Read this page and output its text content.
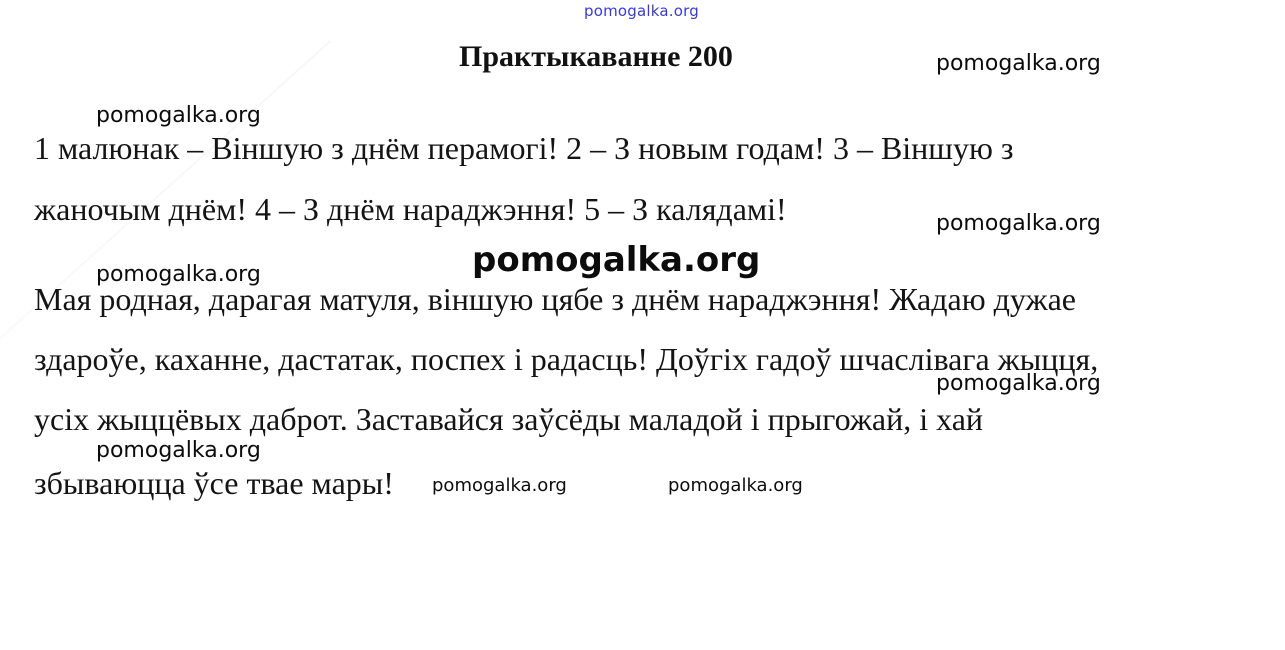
pomogalka.org
Практыкаванне 200
1 малюнак – Віншую з днём перамогі! 2 – З новым годам! 3 – Віншую з
жаночым днём! 4 – З днём нараджэння! 5 – З калядамі!
Мая родная, дарагая матуля, віншую цябе з днём нараджэння! Жадаю дужае
здароўе, каханне, дастатак, поспех і радасць! Доўгіх гадоў шчаслівага жыцця,
усіх жыццёвых даброт. Заставайся заўсёды маладой і прыгожай, і хай
збываюцца ўсе твае мары!
pomogalka.org
pomogalka.org
pomogalka.org
pomogalka.org
pomogalka.org
pomogalka.org
pomogalka.org
pomogalka.org	pomogalka.org
